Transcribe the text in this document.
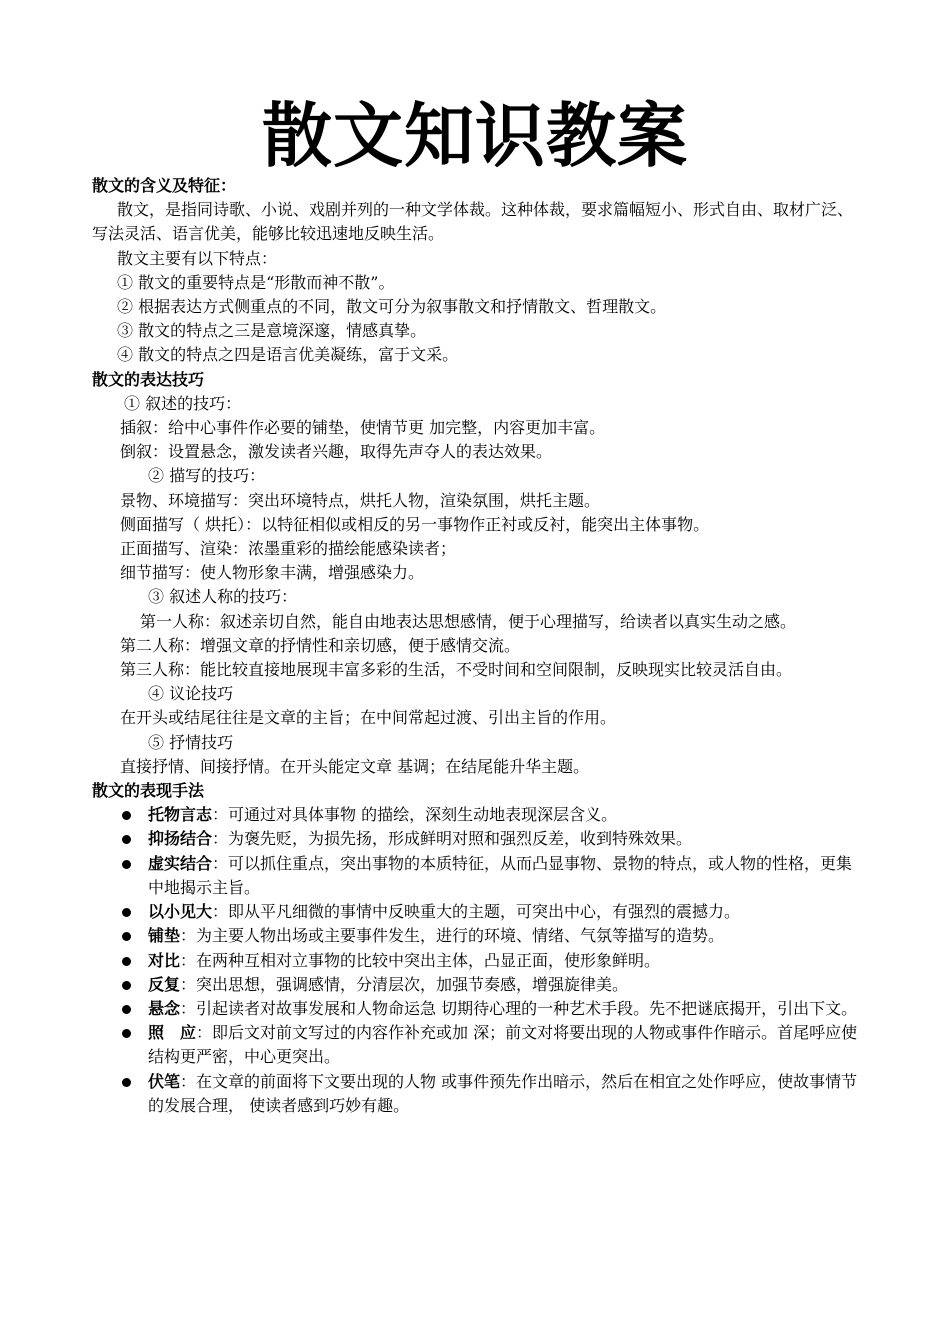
散文知识教案
散文的含义及特征：
散文，是指同诗歌、小说、戏剧并列的一种文学体裁。这种体裁，要求篇幅短小、形式自由、取材广泛、写法灵活、语言优美，能够比较迅速地反映生活。
散文主要有以下特点：
① 散文的重要特点是“形散而神不散”。
② 根据表达方式侧重点的不同，散文可分为叙事散文和抒情散文、哲理散文。
③ 散文的特点之三是意境深邃，情感真挚。
④ 散文的特点之四是语言优美凝练，富于文采。
散文的表达技巧
① 叙述的技巧：
插叙：给中心事件作必要的铺垫，使情节更 加完整，内容更加丰富。
倒叙：设置悬念，激发读者兴趣，取得先声夺人的表达效果。
② 描写的技巧：
景物、环境描写：突出环境特点，烘托人物，渲染氛围，烘托主题。
侧面描写（ 烘托）：以特征相似或相反的另一事物作正衬或反衬，能突出主体事物。
正面描写、渲染：浓墨重彩的描绘能感染读者；
细节描写：使人物形象丰满，增强感染力。
③ 叙述人称的技巧：
第一人称：叙述亲切自然，能自由地表达思想感情，便于心理描写，给读者以真实生动之感。
第二人称：增强文章的抒情性和亲切感，便于感情交流。
第三人称：能比较直接地展现丰富多彩的生活，不受时间和空间限制，反映现实比较灵活自由。
④ 议论技巧
在开头或结尾往往是文章的主旨；在中间常起过渡、引出主旨的作用。
⑤ 抒情技巧
直接抒情、间接抒情。在开头能定文章 基调；在结尾能升华主题。
散文的表现手法
托物言志：可通过对具体事物 的描绘，深刻生动地表现深层含义。
抑扬结合：为褒先贬，为损先扬，形成鲜明对照和强烈反差，收到特殊效果。
虚实结合：可以抓住重点，突出事物的本质特征，从而凸显事物、景物的特点，或人物的性格，更集中地揭示主旨。
以小见大：即从平凡细微的事情中反映重大的主题，可突出中心，有强烈的震撼力。
铺垫：为主要人物出场或主要事件发生，进行的环境、情绪、气氛等描写的造势。
对比：在两种互相对立事物的比较中突出主体，凸显正面，使形象鲜明。
反复：突出思想，强调感情，分清层次，加强节奏感，增强旋律美。
悬念：引起读者对故事发展和人物命运急 切期待心理的一种艺术手段。先不把谜底揭开，引出下文。
照　应：即后文对前文写过的内容作补充或加 深；前文对将要出现的人物或事件作暗示。首尾呼应使结构更严密，中心更突出。
伏笔：在文章的前面将下文要出现的人物 或事件预先作出暗示，然后在相宜之处作呼应，使故事情节的发展合理， 使读者感到巧妙有趣。
